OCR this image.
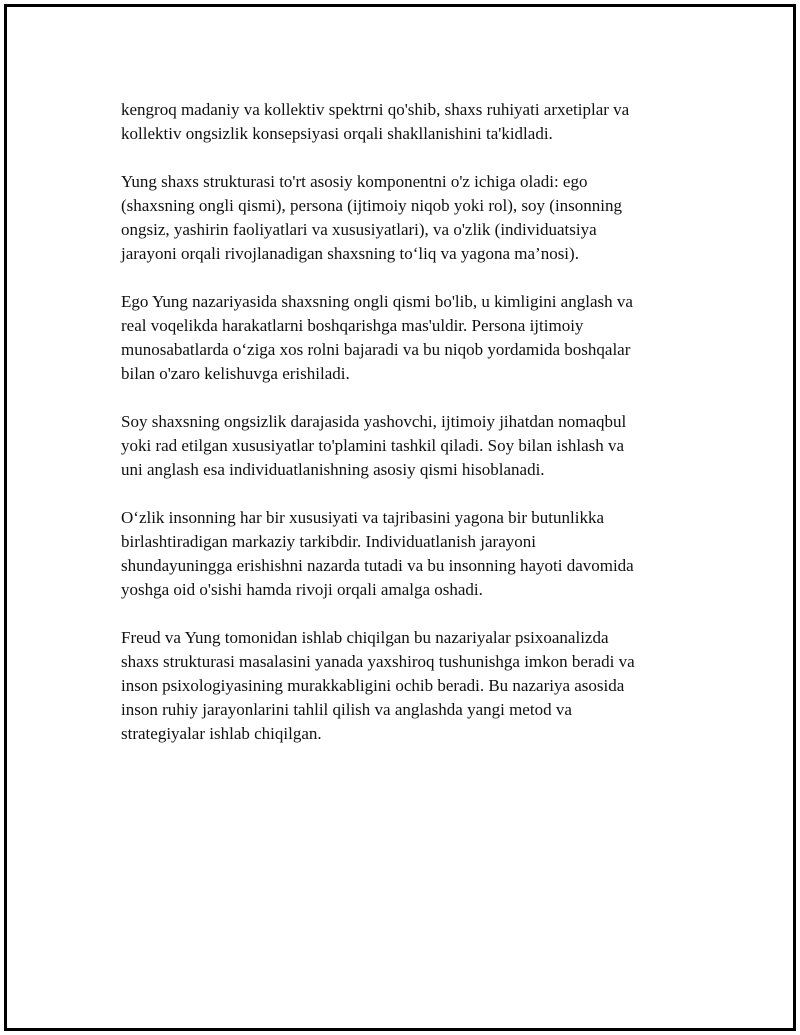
kengroq madaniy va kollektiv spektrni qo'shib, shaxs ruhiyati arxetiplar va
kollektiv ongsizlik konsepsiyasi orqali shakllanishini ta'kidladi.

Yung shaxs strukturasi to'rt asosiy komponentni o'z ichiga oladi: ego
(shaxsning ongli qismi), persona (ijtimoiy niqob yoki rol), soy (insonning
ongsiz, yashirin faoliyatlari va xususiyatlari), va o'zlik (individuatsiya
jarayoni orqali rivojlanadigan shaxsning to‘liq va yagona ma’nosi).

Ego Yung nazariyasida shaxsning ongli qismi bo'lib, u kimligini anglash va
real voqelikda harakatlarni boshqarishga mas'uldir. Persona ijtimoiy
munosabatlarda o‘ziga xos rolni bajaradi va bu niqob yordamida boshqalar
bilan o'zaro kelishuvga erishiladi.

Soy shaxsning ongsizlik darajasida yashovchi, ijtimoiy jihatdan nomaqbul
yoki rad etilgan xususiyatlar to'plamini tashkil qiladi. Soy bilan ishlash va
uni anglash esa individuatlanishning asosiy qismi hisoblanadi.

O‘zlik insonning har bir xususiyati va tajribasini yagona bir butunlikka
birlashtiradigan markaziy tarkibdir. Individuatlanish jarayoni
shundayuningga erishishni nazarda tutadi va bu insonning hayoti davomida
yoshga oid o'sishi hamda rivoji orqali amalga oshadi.

Freud va Yung tomonidan ishlab chiqilgan bu nazariyalar psixoanalizda
shaxs strukturasi masalasini yanada yaxshiroq tushunishga imkon beradi va
inson psixologiyasining murakkabligini ochib beradi. Bu nazariya asosida
inson ruhiy jarayonlarini tahlil qilish va anglashda yangi metod va
strategiyalar ishlab chiqilgan.
